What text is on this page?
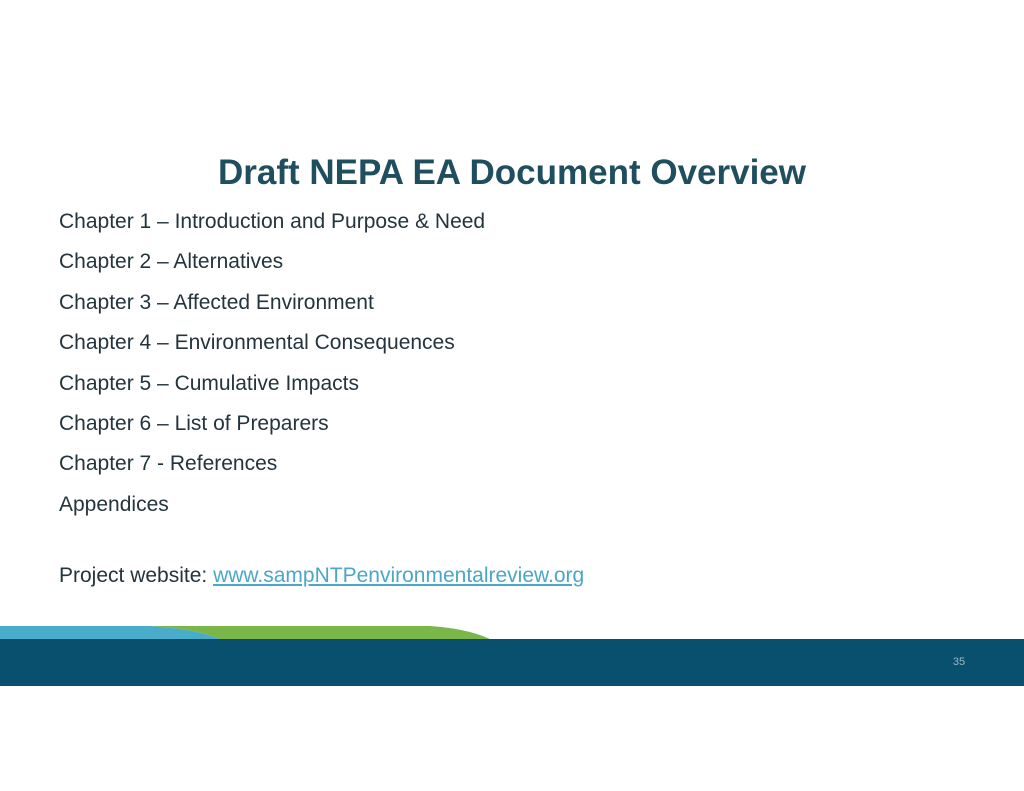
Draft NEPA EA Document Overview
Chapter 1 – Introduction and Purpose & Need
Chapter 2 – Alternatives
Chapter 3 – Affected Environment
Chapter 4 – Environmental Consequences
Chapter 5 – Cumulative Impacts
Chapter 6 – List of Preparers
Chapter 7 - References
Appendices
Project website: www.sampNTPenvironmentalreview.org
35
